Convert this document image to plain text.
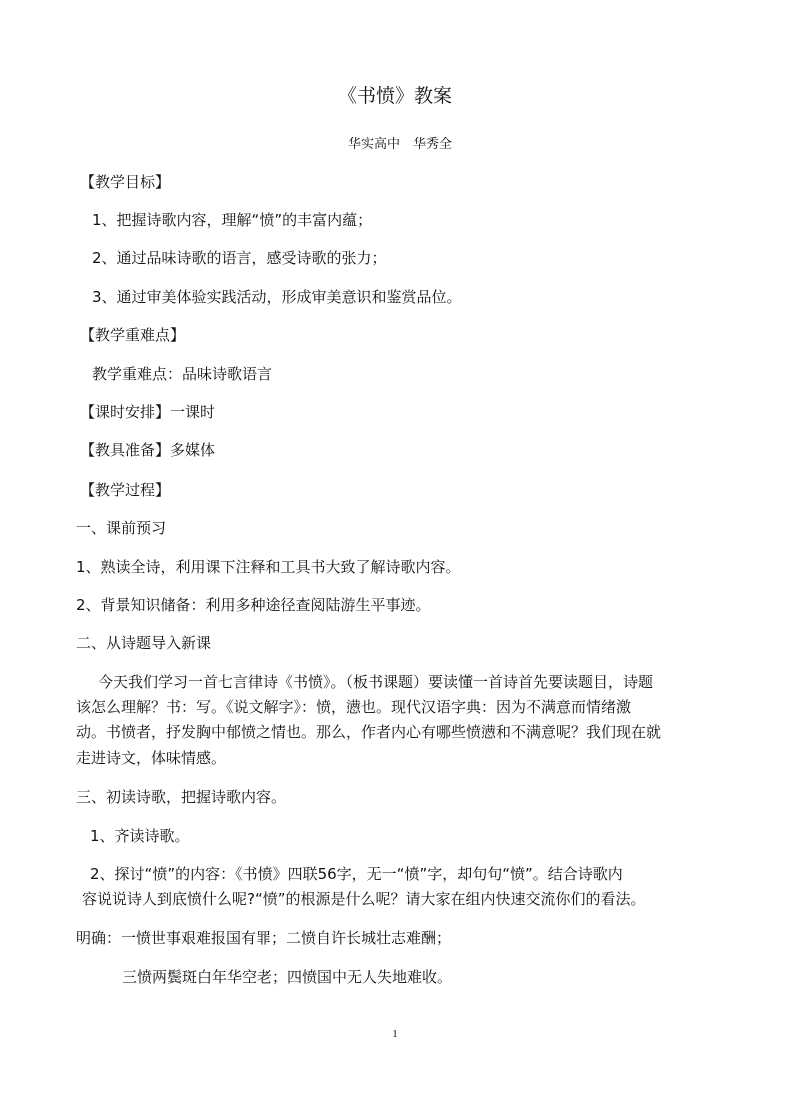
《书愤》教案
华实高中　华秀全
【教学目标】
1、把握诗歌内容，理解“愤”的丰富内蕴；
2、通过品味诗歌的语言，感受诗歌的张力；
3、通过审美体验实践活动，形成审美意识和鉴赏品位。
【教学重难点】
教学重难点：品味诗歌语言
【课时安排】一课时
【教具准备】多媒体
【教学过程】
一、课前预习
1、熟读全诗，利用课下注释和工具书大致了解诗歌内容。
2、背景知识储备：利用多种途径查阅陆游生平事迹。
二、从诗题导入新课
今天我们学习一首七言律诗《书愤》。（板书课题）要读懂一首诗首先要读题目，诗题
该怎么理解？书：写。《说文解字》：愤，懑也。现代汉语字典：因为不满意而情绪激
动。书愤者，抒发胸中郁愤之情也。那么，作者内心有哪些愤懑和不满意呢？我们现在就
走进诗文，体味情感。
三、初读诗歌，把握诗歌内容。
1、齐读诗歌。
2、探讨“愤”的内容：《书愤》四联56字，无一“愤”字，却句句“愤”。结合诗歌内
容说说诗人到底愤什么呢?“愤”的根源是什么呢？请大家在组内快速交流你们的看法。
明确：一愤世事艰难报国有罪；二愤自许长城壮志难酬；
三愤两鬓斑白年华空老；四愤国中无人失地难收。
1
